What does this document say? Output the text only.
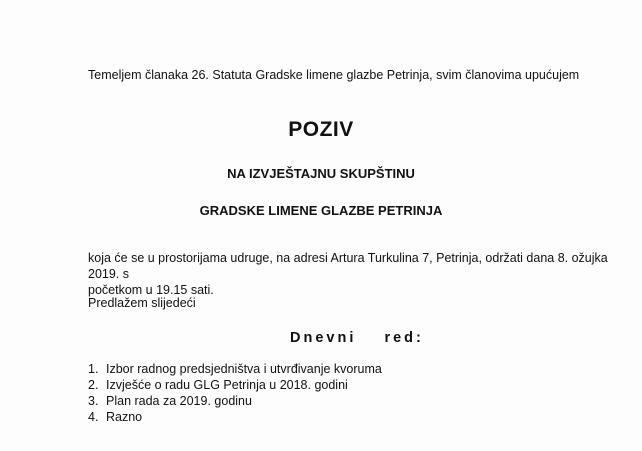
Temeljem članaka 26. Statuta Gradske limene glazbe Petrinja, svim članovima upućujem
POZIV
NA IZVJEŠTAJNU SKUPŠTINU
GRADSKE LIMENE GLAZBE PETRINJA
koja će se u prostorijama udruge, na adresi Artura Turkulina 7, Petrinja, održati dana 8. ožujka 2019. s
početkom u 19.15 sati.
Predlažem slijedeći
Dnevni    red:
1. Izbor radnog predsjedništva i utvrđivanje kvoruma
2. Izvješće o radu GLG Petrinja u 2018. godini
3. Plan rada za 2019. godinu
4. Razno
